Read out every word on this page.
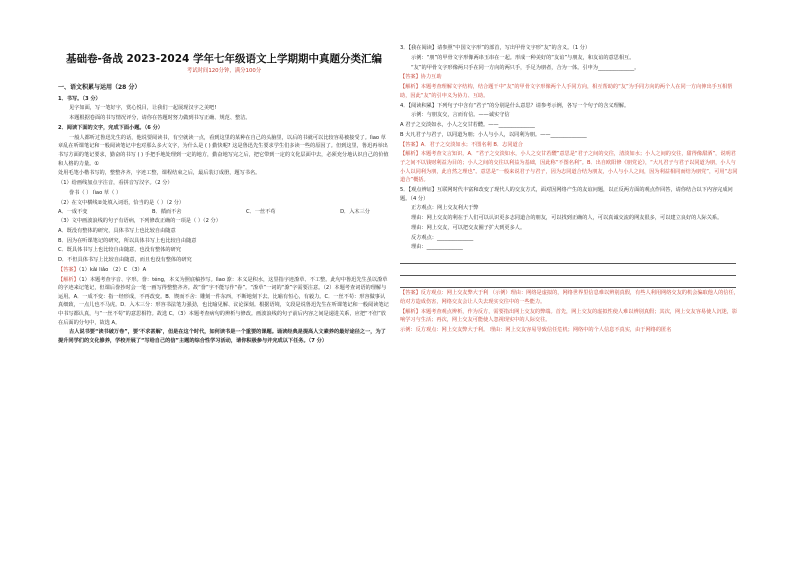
基础卷-备战 2023-2024 学年七年级语文上学期期中真题分类汇编
考试时间120分钟，满分100分

一、语文积累与运用（28 分）

1．书写。（3 分）

见字如面，写一笔好字，赏心悦目，让我们一起展现汉字之美吧!

本题根据卷面的书写情况评分，请你在答题时努力做到书写正确、规范、整洁。

2．阅读下面的文字，完成下面小题。（6 分）

一般人都听过鲁迅先生的话，他说要阅读书，有空就读一点，看到这里的某种在自己的头脑里，以后的书就可以比较容易被接受了。lìao 草章乱在听课笔记和一般阅读笔记中也对那么多大文字，为什么是 ( ) 勤快呢? 这是鲁迅先生要求学生们多读一些的原因了。但到这里，鲁迅再举出书写方面的笔记要求，勤奋的书写 ( ) 手把手地处理到一定的地方，勤奋地写完之后，把它带到一定的文化层面中去，必须充分地认识自己的价值和人格的力量。①

处用毛笔小楷书写的，整整齐齐，字迹工整，课程结束之后，最后装订成册，题写书名。

（1）给画线加点字注音，看拼音写汉字。（2 分）

誊书（ ） lìao 草（ ）

（2）在文中横线②处填入词语，恰当的是（ ）（2 分）

A．一成不变	B．循而不舍	C．一丝不苟	D．入木三分

（3）文中画波浪线的句子有语病，下列修改正确的一项是（ ）（2 分）

A．既没有整体的研究，具体书写上也比较自由随意

B．因为在听课笔记的研究，所以具体书写上也比较自由随意

C．既具体书写上也比较自由随意，也没有整体的研究

D．不但具体书写上比较自由随意，而且也没有整体的研究

【答案】（1）kǎi liǎo （2）C （3）A

【解析】（1）本题考查字音、字形。誊：téng，本义为照底稿抄写。lìao 潦：本义是积水，这里指字迹潦草、不工整。此句中鲁迅先生虽以潦草的字迹来记笔记，但课后誊抄时会一笔一画写得整整齐齐。故“誊”字不能写作“眷”。“潦草”一词的“潦”字需要注意。（2）本题考查词语的理解与运用。A．一成不变：指一经形成，不再改变。B．锲而不舍：雕刻一件东西，不断地刻下去。比喻有恒心，有毅力。C．一丝不苟：形容做事认真细致，一点儿也不马虎。D．入木三分：形容书法笔力强劲，也比喻见解、议论深刻。根据语境，文段是说鲁迅先生在听课笔记和一般阅读笔记中书写都认真，与“一丝不苟”的意思相符。故选 C。（3）本题考查病句的辨析与修改。画波浪线的句子前后内容之间是递进关系，应把“不但”放在后面的分句中，故选 A。

古人说书要“读书破万卷”，要‘不求甚解’，但是在这个时代，如何读书是一个重要的课题。诵读经典是提高人文素养的最好途径之一，为了提升同学们的文化修养，学校开展了“写给自己的信”主题的综合性学习活动，请你积极参与并完成以下任务。（7 分）

3．【我在阅读】请参照“中国文字形”的部首，写出甲骨文字形“友”的含义。（1 分）

示例：“朋”的甲骨文字形像两串玉串在一起。形成一种美好的“友谊”与朋友，和友谊的意思相互。

“友”的甲骨文字形像两只手在同一方向的两只手，手足为朋者，合为一体。引申为______________。

【答案】协力互助

【解析】本题考查理解文字结构，结合题干中“友”的甲骨文字形像两个人手同方向，相互帮助的“友”为手同方向的两个人在同一方向伸出手互相帮助，因此“友”的引申义为协力、互助。

4．【阅读积累】下列句子中含有“君子”的分别是什么意思？请参考示例，各写一个句子的含义理解。

示例：与朋友交，言而有信。——诚实守信

A 君子之交淡如水，小人之交甘若醴。——______________

B 大凡君子与君子，以同道为朋；小人与小人，以同利为朋。——______________

【答案】A．君子之交淡如水；不图名利 B．志同道合

【解析】本题考查文言知识，A．“君子之交淡如水，小人之交甘若醴”意思是“君子之间的交往，清淡如水；小人之间的交往，甜得像甜酒”，说明君子之间不以钱财利益为目的；小人之间的交往以利益为基础，因此称“不图名利”。B．出自欧阳修《朋党论》，“大凡君子与君子以同道为朋，小人与小人以同利为朋，此自然之理也”。意思是“一般来说君子与君子，因为志同道合结为朋友，小人与小人之间，因为利益相同而结为朋党”，可用“志同道合”概括。

5．【观点辨证】互联网时代丰富和改变了现代人的交友方式，面对因网络产生的友谊问题，以正反两方面的观点作回答，请你结合以下内容完成问题。（4 分）

正方观点：网上交友利大于弊

理由：网上交友的利在于人们可以认识更多志同道合的朋友，可以找到正确的人，可以真诚交流的网友很多，可以建立良好的人际关系。

理由：网上交友，可以把交友圈子扩大到更多人。

反方观点：______________

理由：______________

【答案】反方观点：网上交友弊大于利 （示例）理由：网络是虚拟的，网络世界里信息难以辨别真假，有些人利用网络交友的机会骗取他人的信任，给对方造成伤害，网络交友会让人失去现实交往中的一些能力。

【解析】本题考查观点辨析，作为反方，需要指出网上交友的弊端。首先，网上交友的虚拟性使人难以辨别真假；其次，网上交友容易使人沉迷，影响学习与生活；再次，网上交友可能使人忽视现实中的人际交往。

示例：反方观点：网上交友弊大于利。 理由：网上交友容易导致信任危机；网络中的个人信息不真实，由于网络的匿名
